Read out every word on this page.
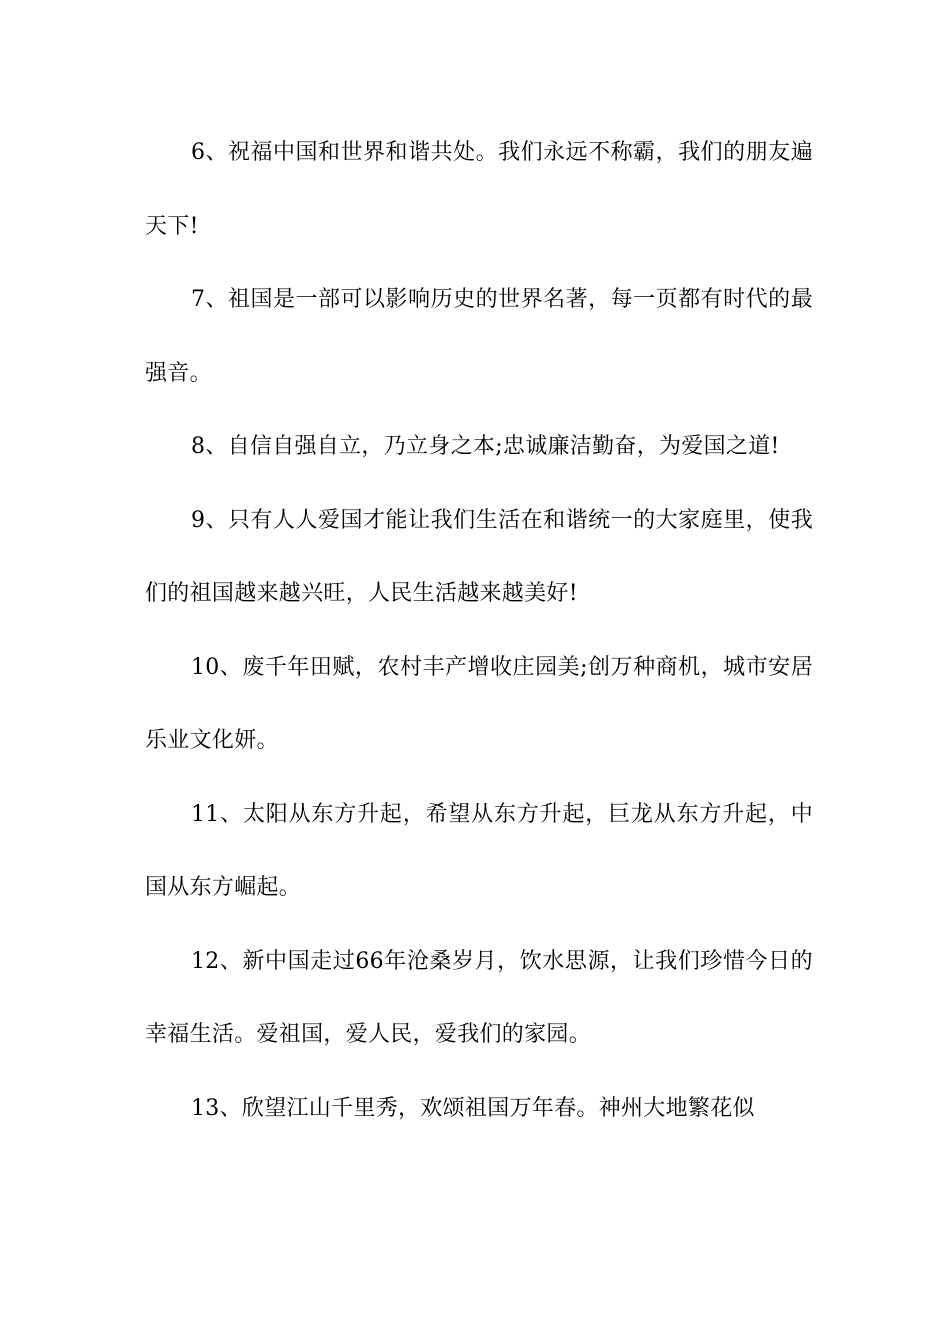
6、祝福中国和世界和谐共处。我们永远不称霸，我们的朋友遍天下!

7、祖国是一部可以影响历史的世界名著，每一页都有时代的最强音。

8、自信自强自立，乃立身之本;忠诚廉洁勤奋，为爱国之道!

9、只有人人爱国才能让我们生活在和谐统一的大家庭里，使我们的祖国越来越兴旺，人民生活越来越美好!

10、废千年田赋，农村丰产增收庄园美;创万种商机，城市安居乐业文化妍。

11、太阳从东方升起，希望从东方升起，巨龙从东方升起，中国从东方崛起。

12、新中国走过66年沧桑岁月，饮水思源，让我们珍惜今日的幸福生活。爱祖国，爱人民，爱我们的家园。

13、欣望江山千里秀，欢颂祖国万年春。神州大地繁花似
